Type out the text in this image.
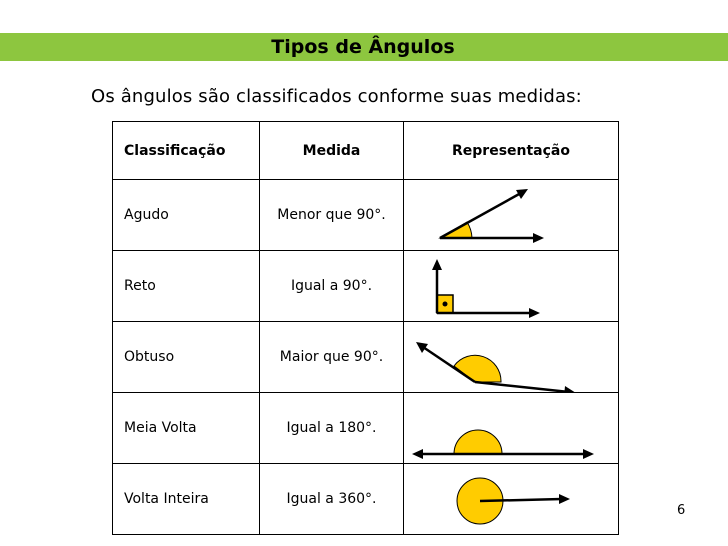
Tipos de Ângulos
Os ângulos são classificados conforme suas medidas:
Classificação	Medida	Representação
Agudo	Menor que 90°.	

Reto	Igual a 90°.	

Obtuso	Maior que 90°.	

Meia Volta	Igual a 180°.	

Volta Inteira	Igual a 360°.	
6
